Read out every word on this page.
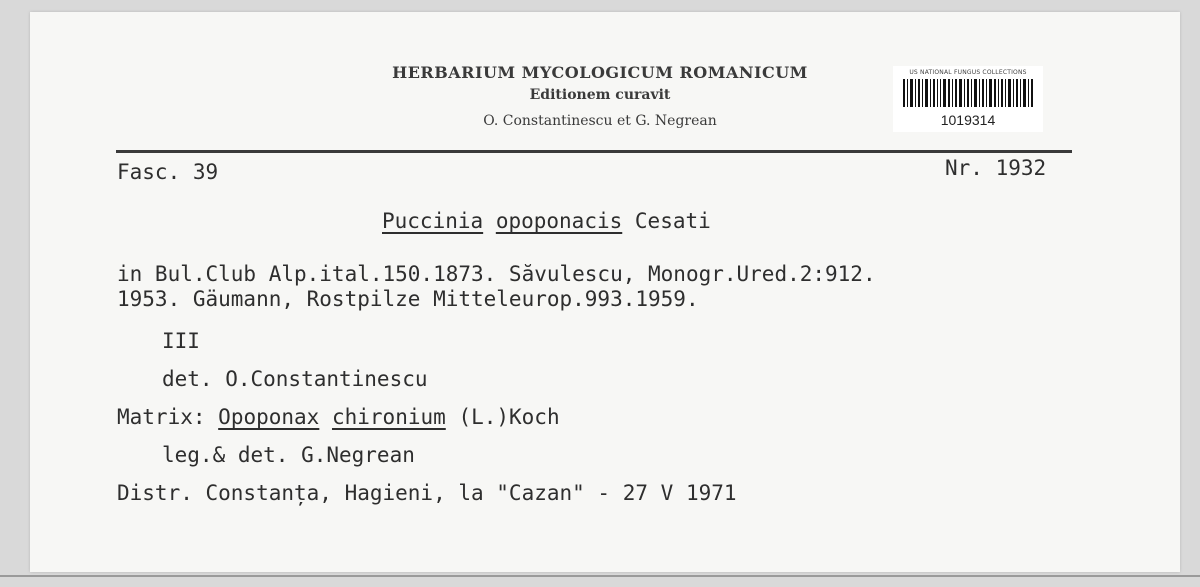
HERBARIUM MYCOLOGICUM ROMANICUM
Editionem curavit
O. Constantinescu et G. Negrean
US NATIONAL FUNGUS COLLECTIONS
1019314
Fasc. 39	Nr. 1932
Puccinia opoponacis Cesati
in Bul.Club Alp.ital.150.1873. Săvulescu, Monogr.Ured.2:912.
1953. Gäumann, Rostpilze Mitteleurop.993.1959.
III
det. O.Constantinescu
Matrix: Opoponax chironium (L.)Koch
leg.& det. G.Negrean
Distr. Constanța, Hagieni, la "Cazan" - 27 V 1971
